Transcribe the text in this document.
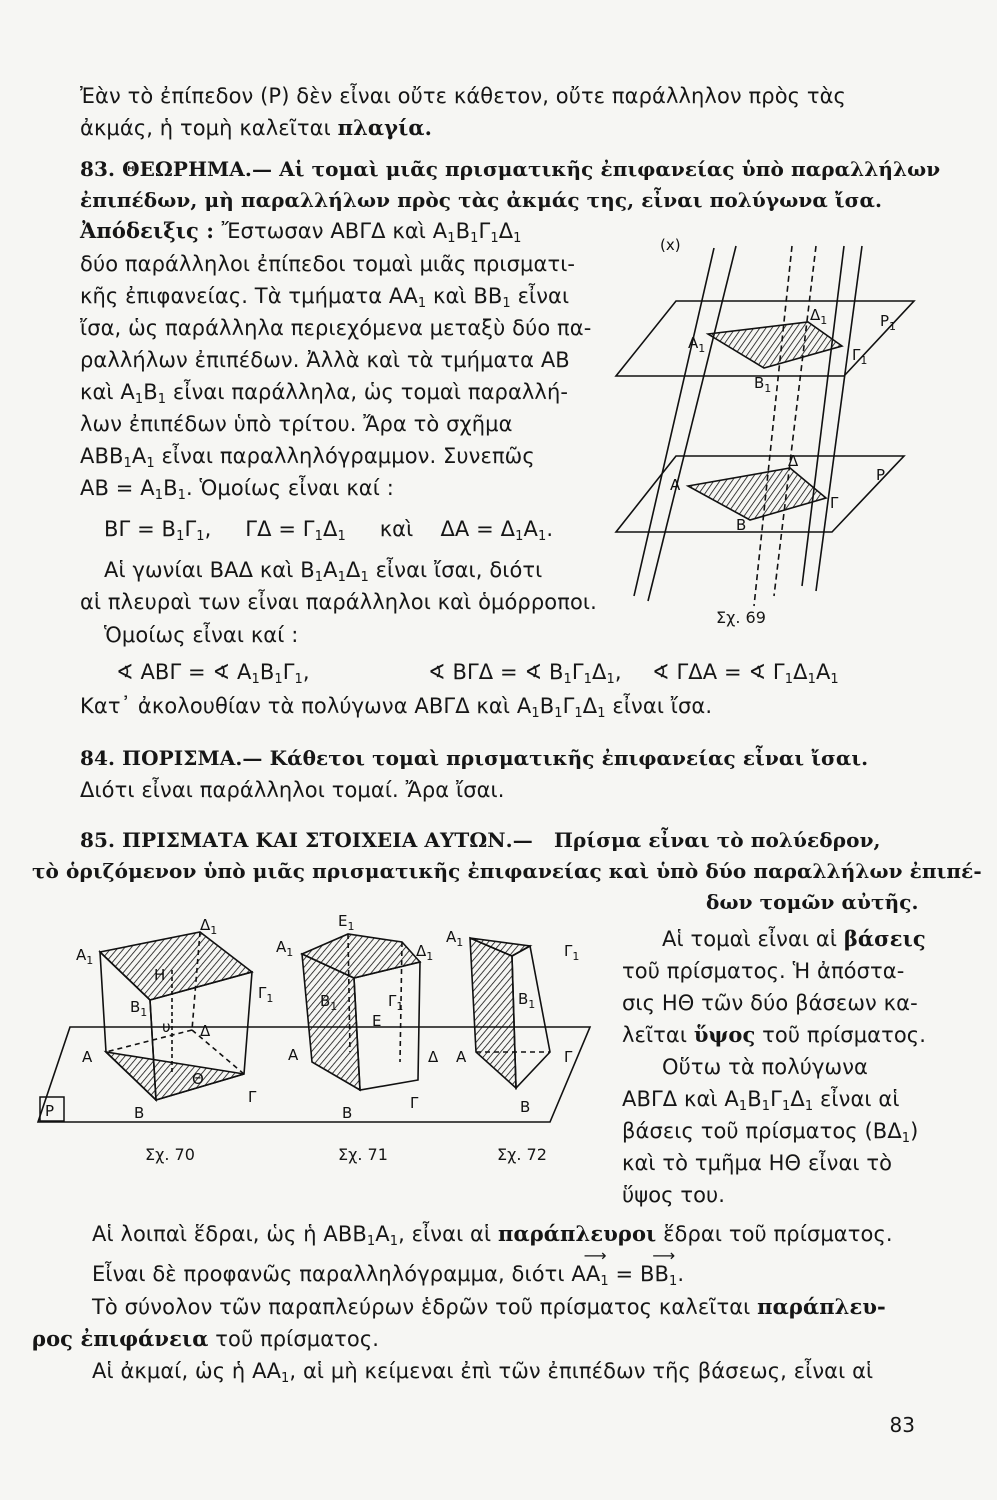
Ἐὰν τὸ ἐπίπεδον (P) δὲν εἶναι οὔτε κάθετον, οὔτε παράλληλον πρὸς τὰς
ἀκμάς, ἡ τομὴ καλεῖται πλαγία.
83. ΘΕΩΡΗΜΑ.— Αἱ τομαὶ μιᾶς πρισματικῆς ἐπιφανείας ὑπὸ παραλλήλων
ἐπιπέδων, μὴ παραλλήλων πρὸς τὰς ἀκμάς της, εἶναι πολύγωνα ἴσα.
Ἀπόδειξις : Ἔστωσαν ΑΒΓΔ καὶ $A_1B_1\Gamma_1\Delta_1$
δύο παράλληλοι ἐπίπεδοι τομαὶ μιᾶς πρισματι-
κῆς ἐπιφανείας. Τὰ τμήματα $AA_1$ καὶ $BB_1$ εἶναι
ἴσα, ὡς παράλληλα περιεχόμενα μεταξὺ δύο πα-
ραλλήλων ἐπιπέδων. Ἀλλὰ καὶ τὰ τμήματα ΑΒ
καὶ $A_1B_1$ εἶναι παράλληλα, ὡς τομαὶ παραλλή-
λων ἐπιπέδων ὑπὸ τρίτου. Ἄρα τὸ σχῆμα
$ABB_1A_1$ εἶναι παραλληλόγραμμον. Συνεπῶς
$AB = A_1B_1$. Ὁμοίως εἶναι καί :
$B\Gamma = B_1\Gamma_1$,     $\Gamma\Delta = \Gamma_1\Delta_1$ καὶ $\Delta A = \Delta_1A_1$.
Αἱ γωνίαι ΒΑΔ καὶ $B_1A_1\Delta_1$ εἶναι ἴσαι, διότι
αἱ πλευραὶ των εἶναι παράλληλοι καὶ ὁμόρροποι.
Ὁμοίως εἶναι καί :
∢ ΑΒΓ = ∢ $A_1B_1\Gamma_1$,	∢ ΒΓΔ = ∢ $B_1\Gamma_1\Delta_1$, ∢ ΓΔΑ = ∢ $\Gamma_1\Delta_1A_1$
Κατ᾽ ἀκολουθίαν τὰ πολύγωνα ΑΒΓΔ καὶ $A_1B_1\Gamma_1\Delta_1$ εἶναι ἴσα.
84. ΠΟΡΙΣΜΑ.— Κάθετοι τομαὶ πρισματικῆς ἐπιφανείας εἶναι ἴσαι.
Διότι εἶναι παράλληλοι τομαί. Ἄρα ἴσαι.
85. ΠΡΙΣΜΑΤΑ ΚΑΙ ΣΤΟΙΧΕΙΑ ΑΥΤΩΝ.— Πρίσμα εἶναι τὸ πολύεδρον,
τὸ ὁριζόμενον ὑπὸ μιᾶς πρισματικῆς ἐπιφανείας καὶ ὑπὸ δύο παραλλήλων ἐπιπέ-
δων τομῶν αὐτῆς.
Αἱ τομαὶ εἶναι αἱ βάσεις
τοῦ πρίσματος. Ἡ ἀπόστα-
σις ΗΘ τῶν δύο βάσεων κα-
λεῖται ὕψος τοῦ πρίσματος.
Οὕτω τὰ πολύγωνα
ΑΒΓΔ καὶ $A_1B_1\Gamma_1\Delta_1$ εἶναι αἱ
βάσεις τοῦ πρίσματος $(B\Delta_1)$
καὶ τὸ τμῆμα ΗΘ εἶναι τὸ
ὕψος του.
Αἱ λοιπαὶ ἕδραι, ὡς ἡ $ABB_1A_1$, εἶναι αἱ παράπλευροι ἕδραι τοῦ πρίσματος.
Εἶναι δὲ προφανῶς παραλληλόγραμμα, διότι
⟶
$AA_1$ =
⟶
$BB_1$.
Τὸ σύνολον τῶν παραπλεύρων ἑδρῶν τοῦ πρίσματος καλεῖται παράπλευ-
ρος ἐπιφάνεια τοῦ πρίσματος.
Αἱ ἀκμαί, ὡς ἡ $AA_1$, αἱ μὴ κείμεναι ἐπὶ τῶν ἐπιπέδων τῆς βάσεως, εἶναι αἱ
83
(x)
$A_1$
$B_1$
$\Gamma_1$
$\Delta_1$	$P_1$
A
B
Γ
Δ
P
Σχ. 69
P
$A_1$
$\Delta_1$
H
$B_1$
$\Gamma_1$
υ Δ
A
Θ
Γ
B
$E_1$
$A_1$	$\Delta_1$
$B_1$	$\Gamma_1$
E
A	Δ
B
Γ
$A_1$	$\Gamma_1$
$B_1$
A	Γ
B
Σχ. 70	Σχ. 71	Σχ. 72
